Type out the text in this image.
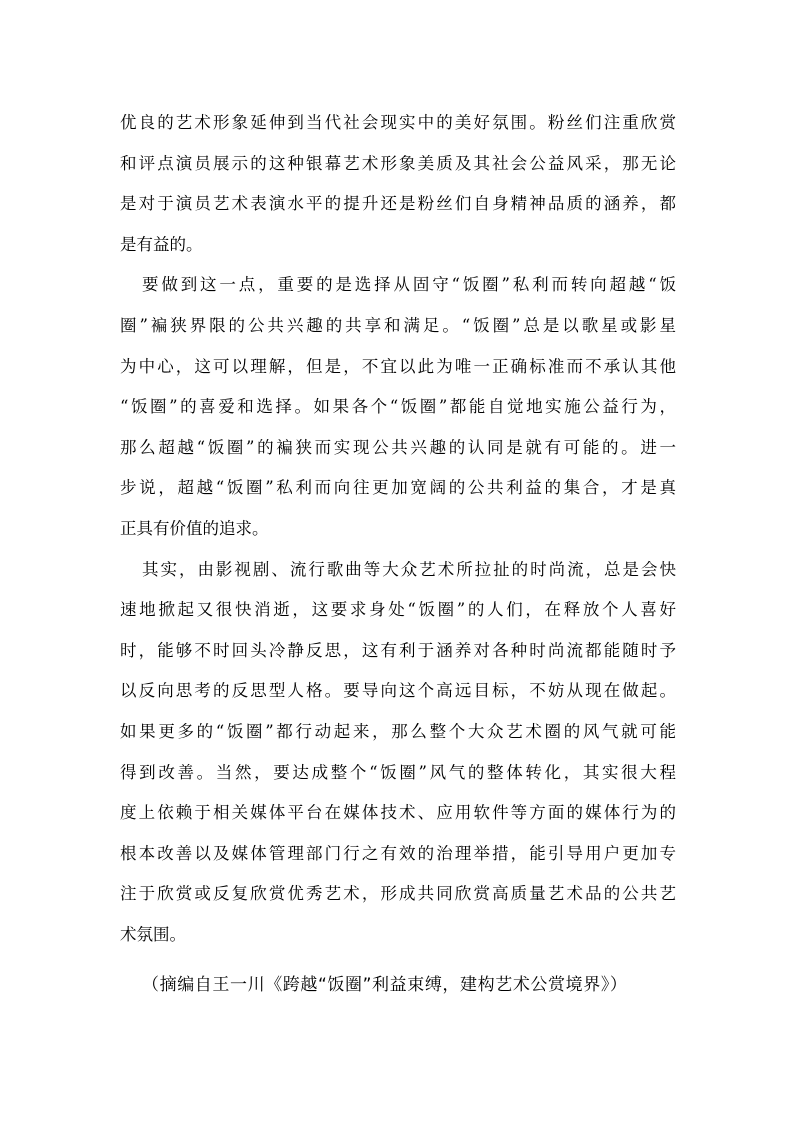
优良的艺术形象延伸到当代社会现实中的美好氛围。粉丝们注重欣赏
和评点演员展示的这种银幕艺术形象美质及其社会公益风采，那无论
是对于演员艺术表演水平的提升还是粉丝们自身精神品质的涵养，都
是有益的。
要做到这一点，重要的是选择从固守“饭圈”私利而转向超越“饭
圈”褊狭界限的公共兴趣的共享和满足。“饭圈”总是以歌星或影星
为中心，这可以理解，但是，不宜以此为唯一正确标准而不承认其他
“饭圈”的喜爱和选择。如果各个“饭圈”都能自觉地实施公益行为，
那么超越“饭圈”的褊狭而实现公共兴趣的认同是就有可能的。进一
步说，超越“饭圈”私利而向往更加宽阔的公共利益的集合，才是真
正具有价值的追求。
其实，由影视剧、流行歌曲等大众艺术所拉扯的时尚流，总是会快
速地掀起又很快消逝，这要求身处“饭圈”的人们，在释放个人喜好
时，能够不时回头冷静反思，这有利于涵养对各种时尚流都能随时予
以反向思考的反思型人格。要导向这个高远目标，不妨从现在做起。
如果更多的“饭圈”都行动起来，那么整个大众艺术圈的风气就可能
得到改善。当然，要达成整个“饭圈”风气的整体转化，其实很大程
度上依赖于相关媒体平台在媒体技术、应用软件等方面的媒体行为的
根本改善以及媒体管理部门行之有效的治理举措，能引导用户更加专
注于欣赏或反复欣赏优秀艺术，形成共同欣赏高质量艺术品的公共艺
术氛围。
（摘编自王一川《跨越“饭圈”利益束缚，建构艺术公赏境界》）
